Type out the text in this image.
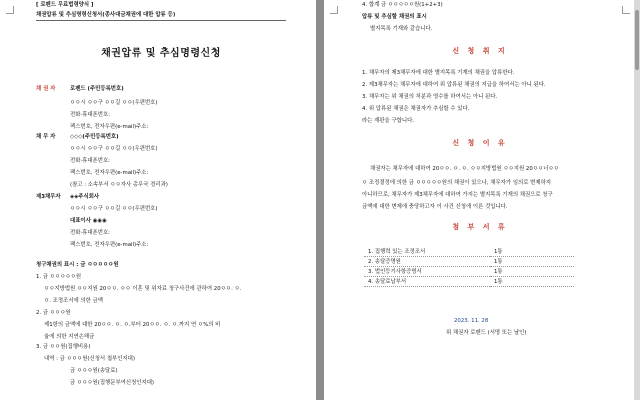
[ 로펜드 무료법령양식 ]
채권압류 및 추심명령신청서(종사대금채권에 대한 압류 등)
채권압류 및 추심명령신청
채 권 자	로펜드 (주민등록번호)
ㅇㅇ시 ㅇㅇ구 ㅇㅇ길 ㅇㅇ(우편번호)
전화·휴대폰번호:
팩스번호, 전자우편(e-mail)주소:
채 무 자	◇◇◇(주민등록번호)
ㅇㅇ시 ㅇㅇ구 ㅇㅇ길 ㅇㅇ(우편번호)
전화·휴대폰번호:
팩스번호, 전자우편(e-mail)주소:
(참고 : 소속부서 ㅇㅇ자사 총무국 경리과)
제3채무자 ◈◈주식회사
ㅇㅇ시 ㅇㅇ구 ㅇㅇ길 ㅇㅇ(우편번호)
대표이사 ◉◉◉
전화·휴대폰번호:
팩스번호, 전자우편(e-mail)주소:
청구채권의 표시 : 금 ㅇㅇㅇㅇㅇ원
1. 금 ㅇㅇㅇㅇㅇ원
ㅇㅇ지방법원 ㅇㅇ지원 20ㅇㅇ. ㅇㅇ 이혼 및 위자료 청구사건에 관하여 20ㅇㅇ. ㅇ.
ㅇ. 조정조서에 의한 금액
2. 금 ㅇㅇㅇ원
제1항의 금액에 대한 20ㅇㅇ. ㅇ. ㅇ.부터 20ㅇㅇ. ㅇ. ㅇ.까지 연 ㅇ%의 비
율에 의한 지연손해금
3. 금 ㅇㅇ원(집행비용)
내역 : 금 ㅇㅇㅇ원(신청서 첩부인지대)
금 ㅇㅇㅇ원(송달료)
금 ㅇㅇㅇ원(집행문부여신청인지대)
4. 합계 금 ㅇㅇㅇㅇㅇ원(1+2+3)
압류 및 추심할 채권의 표시
별지목록 기재와 같습니다.
신 청 취 지
1. 채무자의 제3채무자에 대한 별지목록 기재의 채권을 압류한다.
2. 제3채무자는 채무자에 대하여 위 압류된 채권의 지급을 하여서는 아니 된다.
3. 채무자는 위 채권의 처분과 영수를 하여서는 아니 된다.
4. 위 압류된 채권은 채권자가 추심할 수 있다.
라는 재판을 구합니다.
신 청 이 유
채권자는 채무자에 대하여 20ㅇㅇ. ㅇ. ㅇ. ㅇㅇ지방법원 ㅇㅇ지원 20ㅇㅇ너ㅇㅇ
ㅇ 조정결정에 의한 금 ㅇㅇㅇㅇㅇ원의 채권이 있으나, 채무자가 임의로 변제하지
아니하므로, 채무자가 제3채무자에 대하여 가지는 별지목록 기재의 채권으로 청구
금액에 대한 변제에 충당하고자 이 사건 신청에 이른 것입니다.
첨 부 서 류
1. 집행력 있는 조정조서	1통
2. 송달증명원	1통
3. 법인등기사항증명서	1통
4. 송달료납부서	1통
2023. 11. 28
위 채권자 로펜드 (서명 또는 날인)
